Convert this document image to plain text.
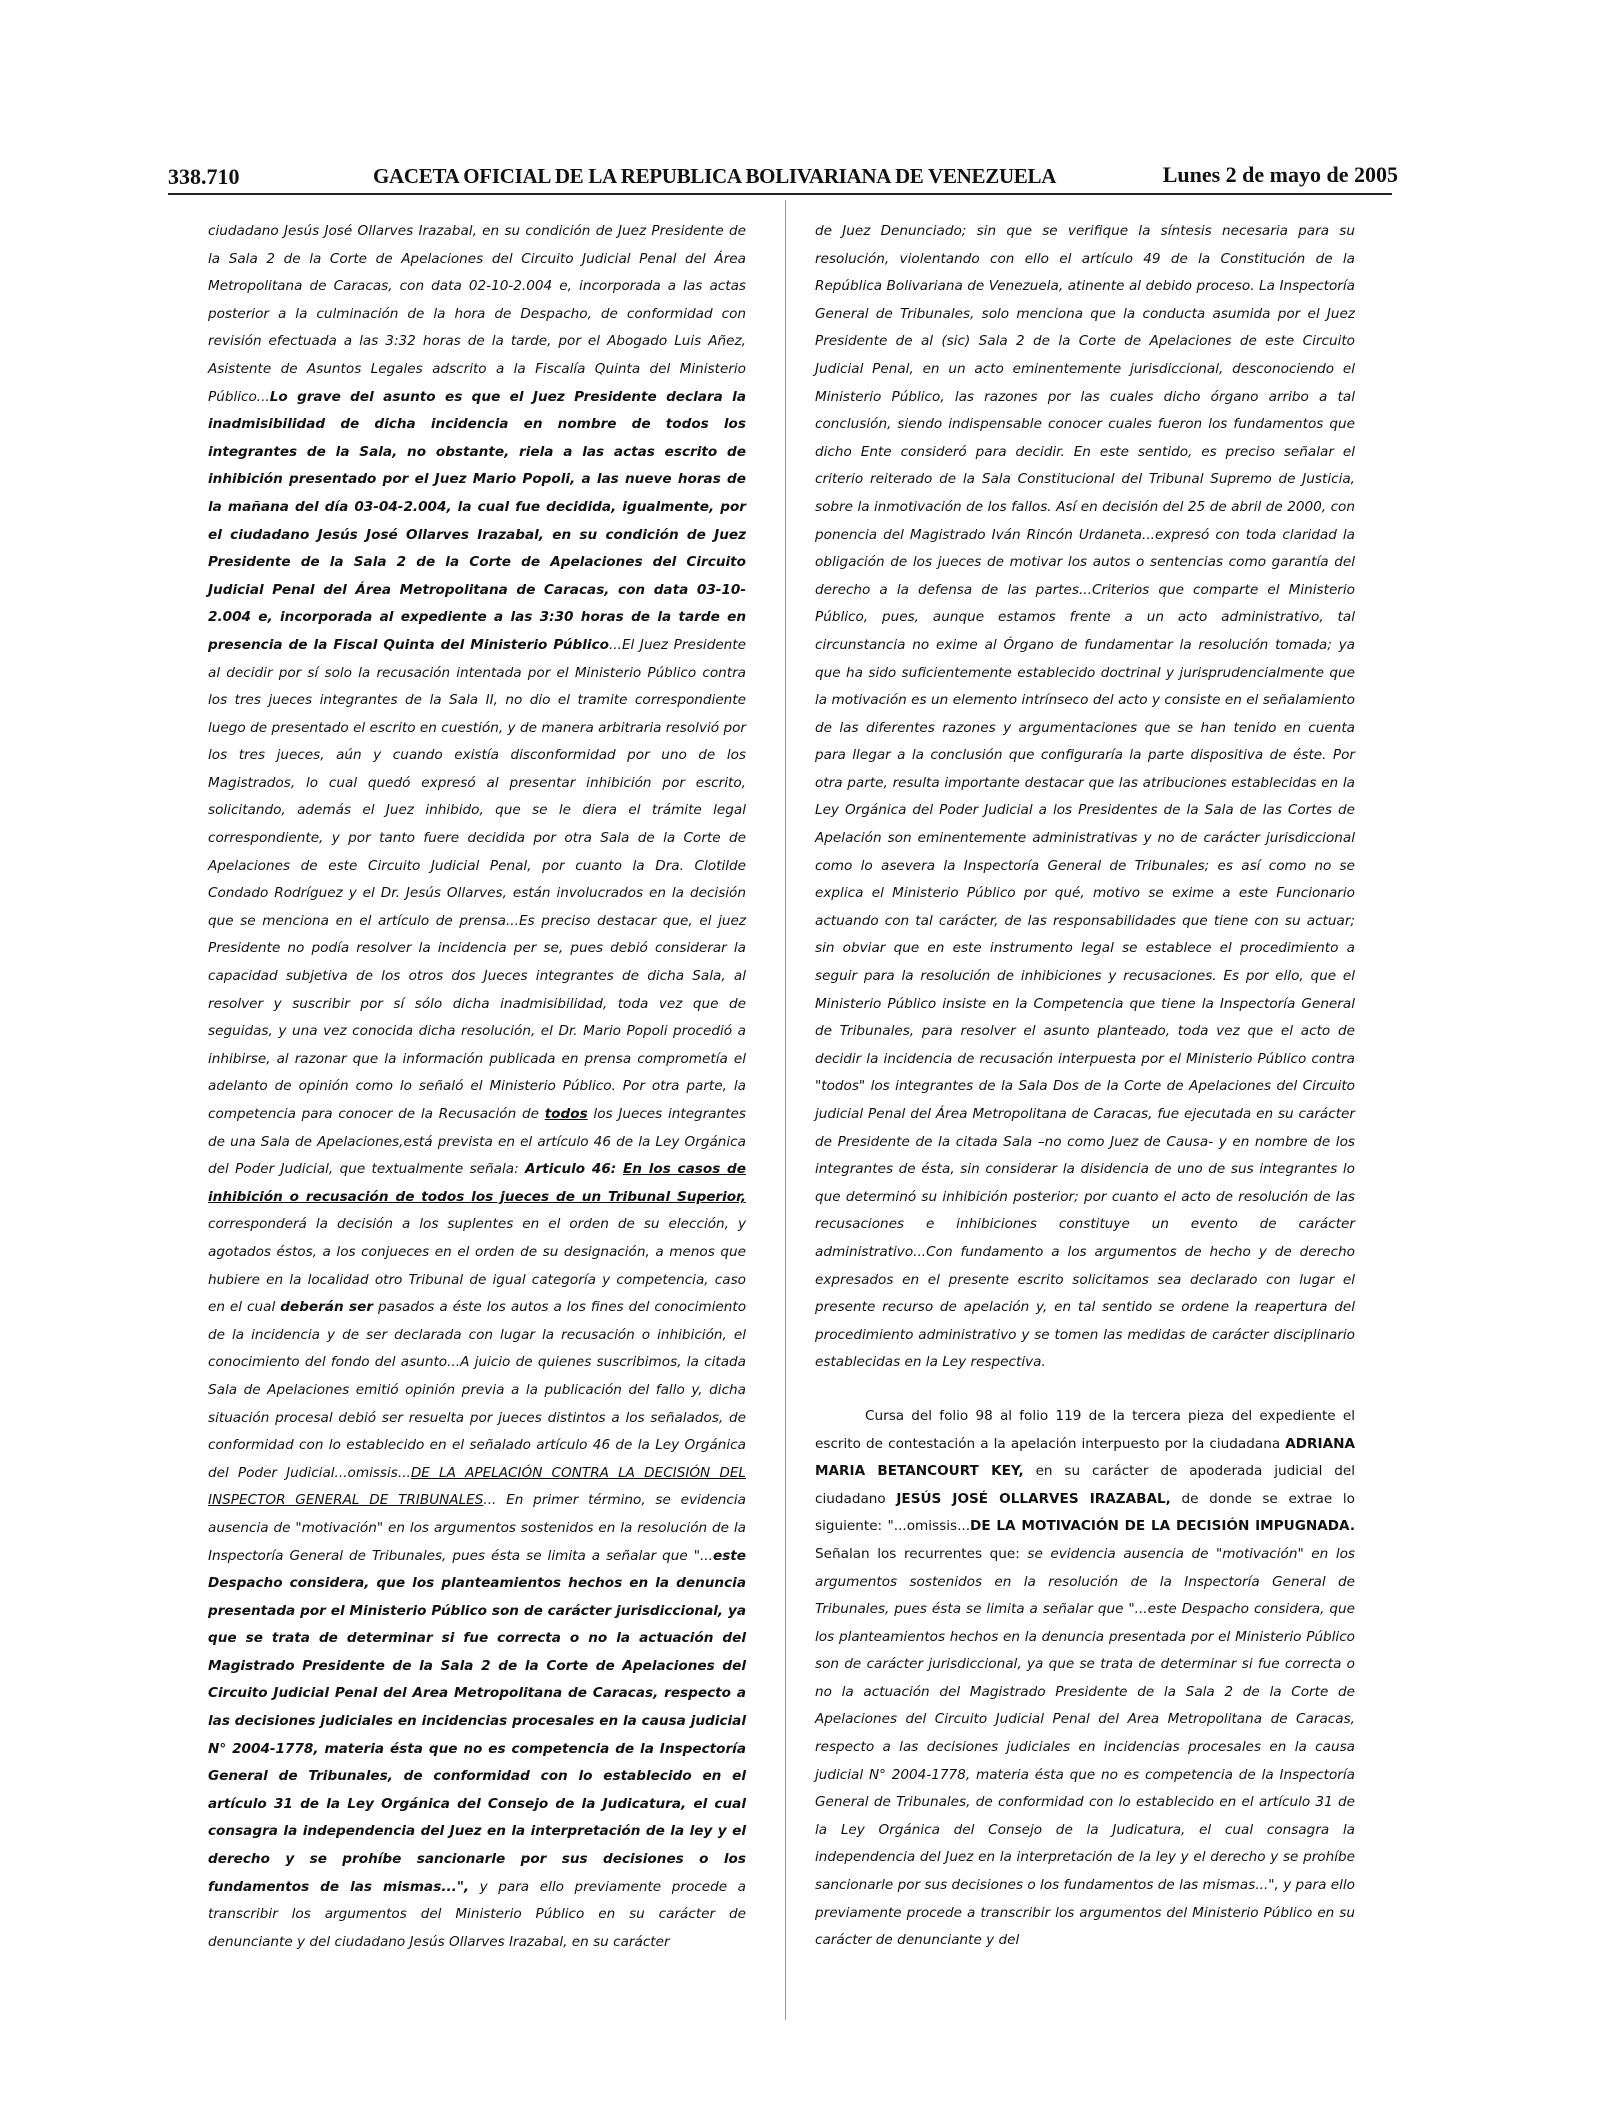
338.710	GACETA OFICIAL DE LA REPUBLICA BOLIVARIANA DE VENEZUELA	Lunes 2 de mayo de 2005

ciudadano Jesús José Ollarves Irazabal, en su condición de Juez Presidente de la Sala 2 de la Corte de Apelaciones del Circuito Judicial Penal del Área Metropolitana de Caracas, con data 02-10-2.004 e, incorporada a las actas posterior a la culminación de la hora de Despacho, de conformidad con revisión efectuada a las 3:32 horas de la tarde, por el Abogado Luis Añez, Asistente de Asuntos Legales adscrito a la Fiscalía Quinta del Ministerio Público...Lo grave del asunto es que el Juez Presidente declara la inadmisibilidad de dicha incidencia en nombre de todos los integrantes de la Sala, no obstante, riela a las actas escrito de inhibición presentado por el Juez Mario Popoli, a las nueve horas de la mañana del día 03-04-2.004, la cual fue decidida, igualmente, por el ciudadano Jesús José Ollarves Irazabal, en su condición de Juez Presidente de la Sala 2 de la Corte de Apelaciones del Circuito Judicial Penal del Área Metropolitana de Caracas, con data 03-10-2.004 e, incorporada al expediente a las 3:30 horas de la tarde en presencia de la Fiscal Quinta del Ministerio Público...El Juez Presidente al decidir por sí solo la recusación intentada por el Ministerio Público contra los tres jueces integrantes de la Sala II, no dio el tramite correspondiente luego de presentado el escrito en cuestión, y de manera arbitraria resolvió por los tres jueces, aún y cuando existía disconformidad por uno de los Magistrados, lo cual quedó expresó al presentar inhibición por escrito, solicitando, además el Juez inhibido, que se le diera el trámite legal correspondiente, y por tanto fuere decidida por otra Sala de la Corte de Apelaciones de este Circuito Judicial Penal, por cuanto la Dra. Clotilde Condado Rodríguez y el Dr. Jesús Ollarves, están involucrados en la decisión que se menciona en el artículo de prensa...Es preciso destacar que, el juez Presidente no podía resolver la incidencia per se, pues debió considerar la capacidad subjetiva de los otros dos Jueces integrantes de dicha Sala, al resolver y suscribir por sí sólo dicha inadmisibilidad, toda vez que de seguidas, y una vez conocida dicha resolución, el Dr. Mario Popoli procedió a inhibirse, al razonar que la información publicada en prensa comprometía el adelanto de opinión como lo señaló el Ministerio Público. Por otra parte, la competencia para conocer de la Recusación de todos los Jueces integrantes de una Sala de Apelaciones,está prevista en el artículo 46 de la Ley Orgánica del Poder Judicial, que textualmente señala: Articulo 46: En los casos de inhibición o recusación de todos los jueces de un Tribunal Superior, corresponderá la decisión a los suplentes en el orden de su elección, y agotados éstos, a los conjueces en el orden de su designación, a menos que hubiere en la localidad otro Tribunal de igual categoría y competencia, caso en el cual deberán ser pasados a éste los autos a los fines del conocimiento de la incidencia y de ser declarada con lugar la recusación o inhibición, el conocimiento del fondo del asunto...A juicio de quienes suscribimos, la citada Sala de Apelaciones emitió opinión previa a la publicación del fallo y, dicha situación procesal debió ser resuelta por jueces distintos a los señalados, de conformidad con lo establecido en el señalado artículo 46 de la Ley Orgánica del Poder Judicial...omissis...DE LA APELACIÓN CONTRA LA DECISIÓN DEL INSPECTOR GENERAL DE TRIBUNALES... En primer término, se evidencia ausencia de "motivación" en los argumentos sostenidos en la resolución de la Inspectoría General de Tribunales, pues ésta se limita a señalar que "...este Despacho considera, que los planteamientos hechos en la denuncia presentada por el Ministerio Público son de carácter jurisdiccional, ya que se trata de determinar si fue correcta o no la actuación del Magistrado Presidente de la Sala 2 de la Corte de Apelaciones del Circuito Judicial Penal del Area Metropolitana de Caracas, respecto a las decisiones judiciales en incidencias procesales en la causa judicial N° 2004-1778, materia ésta que no es competencia de la Inspectoría General de Tribunales, de conformidad con lo establecido en el artículo 31 de la Ley Orgánica del Consejo de la Judicatura, el cual consagra la independencia del Juez en la interpretación de la ley y el derecho y se prohíbe sancionarle por sus decisiones o los fundamentos de las mismas...", y para ello previamente procede a transcribir los argumentos del Ministerio Público en su carácter de denunciante y del ciudadano Jesús Ollarves Irazabal, en su carácter

de Juez Denunciado; sin que se verifique la síntesis necesaria para su resolución, violentando con ello el artículo 49 de la Constitución de la República Bolivariana de Venezuela, atinente al debido proceso. La Inspectoría General de Tribunales, solo menciona que la conducta asumida por el Juez Presidente de al (sic) Sala 2 de la Corte de Apelaciones de este Circuito Judicial Penal, en un acto eminentemente jurisdiccional, desconociendo el Ministerio Público, las razones por las cuales dicho órgano arribo a tal conclusión, siendo indispensable conocer cuales fueron los fundamentos que dicho Ente consideró para decidir. En este sentido, es preciso señalar el criterio reiterado de la Sala Constitucional del Tribunal Supremo de Justicia, sobre la inmotivación de los fallos. Así en decisión del 25 de abril de 2000, con ponencia del Magistrado Iván Rincón Urdaneta...expresó con toda claridad la obligación de los jueces de motivar los autos o sentencias como garantía del derecho a la defensa de las partes...Criterios que comparte el Ministerio Público, pues, aunque estamos frente a un acto administrativo, tal circunstancia no exime al Órgano de fundamentar la resolución tomada; ya que ha sido suficientemente establecido doctrinal y jurisprudencialmente que la motivación es un elemento intrínseco del acto y consiste en el señalamiento de las diferentes razones y argumentaciones que se han tenido en cuenta para llegar a la conclusión que configuraría la parte dispositiva de éste. Por otra parte, resulta importante destacar que las atribuciones establecidas en la Ley Orgánica del Poder Judicial a los Presidentes de la Sala de las Cortes de Apelación son eminentemente administrativas y no de carácter jurisdiccional como lo asevera la Inspectoría General de Tribunales; es así como no se explica el Ministerio Público por qué, motivo se exime a este Funcionario actuando con tal carácter, de las responsabilidades que tiene con su actuar; sin obviar que en este instrumento legal se establece el procedimiento a seguir para la resolución de inhibiciones y recusaciones. Es por ello, que el Ministerio Público insiste en la Competencia que tiene la Inspectoría General de Tribunales, para resolver el asunto planteado, toda vez que el acto de decidir la incidencia de recusación interpuesta por el Ministerio Público contra "todos" los integrantes de la Sala Dos de la Corte de Apelaciones del Circuito judicial Penal del Área Metropolitana de Caracas, fue ejecutada en su carácter de Presidente de la citada Sala –no como Juez de Causa- y en nombre de los integrantes de ésta, sin considerar la disidencia de uno de sus integrantes lo que determinó su inhibición posterior; por cuanto el acto de resolución de las recusaciones e inhibiciones constituye un evento de carácter administrativo...Con fundamento a los argumentos de hecho y de derecho expresados en el presente escrito solicitamos sea declarado con lugar el presente recurso de apelación y, en tal sentido se ordene la reapertura del procedimiento administrativo y se tomen las medidas de carácter disciplinario establecidas en la Ley respectiva.

Cursa del folio 98 al folio 119 de la tercera pieza del expediente el escrito de contestación a la apelación interpuesto por la ciudadana ADRIANA MARIA BETANCOURT KEY, en su carácter de apoderada judicial del ciudadano JESÚS JOSÉ OLLARVES IRAZABAL, de donde se extrae lo siguiente: "...omissis...DE LA MOTIVACIÓN DE LA DECISIÓN IMPUGNADA. Señalan los recurrentes que: se evidencia ausencia de "motivación" en los argumentos sostenidos en la resolución de la Inspectoría General de Tribunales, pues ésta se limita a señalar que "...este Despacho considera, que los planteamientos hechos en la denuncia presentada por el Ministerio Público son de carácter jurisdiccional, ya que se trata de determinar si fue correcta o no la actuación del Magistrado Presidente de la Sala 2 de la Corte de Apelaciones del Circuito Judicial Penal del Area Metropolitana de Caracas, respecto a las decisiones judiciales en incidencias procesales en la causa judicial N° 2004-1778, materia ésta que no es competencia de la Inspectoría General de Tribunales, de conformidad con lo establecido en el artículo 31 de la Ley Orgánica del Consejo de la Judicatura, el cual consagra la independencia del Juez en la interpretación de la ley y el derecho y se prohíbe sancionarle por sus decisiones o los fundamentos de las mismas...", y para ello previamente procede a transcribir los argumentos del Ministerio Público en su carácter de denunciante y del
